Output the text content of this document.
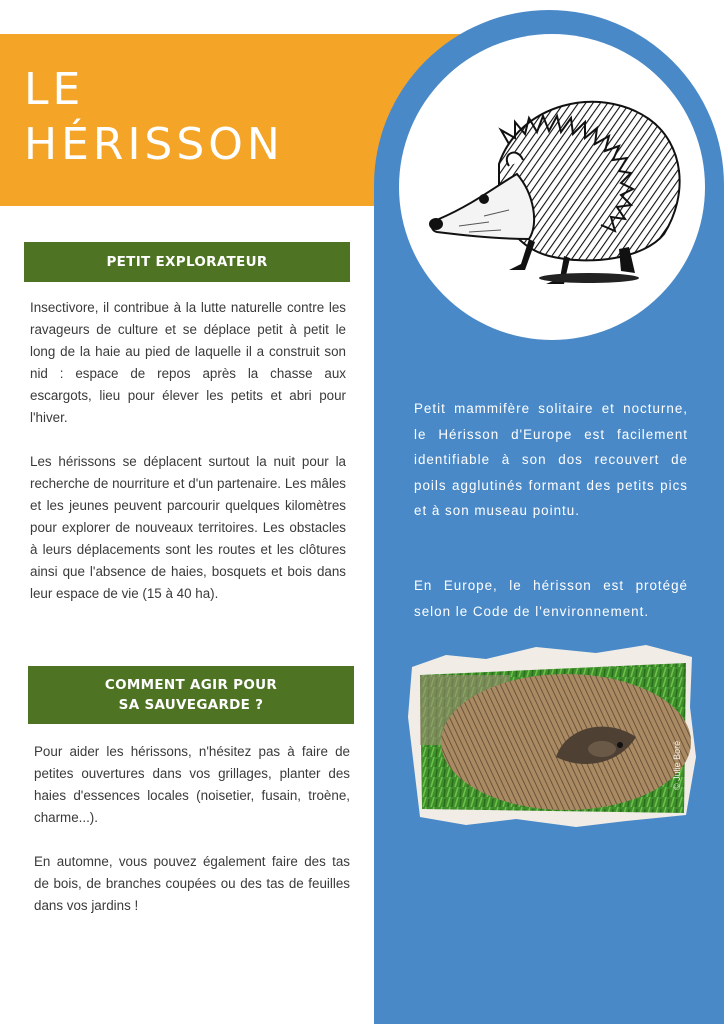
LE
HÉRISSON
PETIT EXPLORATEUR

Insectivore, il contribue à la lutte naturelle contre les ravageurs de culture et se déplace petit à petit le long de la haie au pied de laquelle il a construit son nid : espace de repos après la chasse aux escargots, lieu pour élever les petits et abri pour l'hiver.

Les hérissons se déplacent surtout la nuit pour la recherche de nourriture et d'un partenaire. Les mâles et les jeunes peuvent parcourir quelques kilomètres pour explorer de nouveaux territoires. Les obstacles à leurs déplacements sont les routes et les clôtures ainsi que l'absence de haies, bosquets et bois dans leur espace de vie (15 à 40 ha).

COMMENT AGIR POUR
SA SAUVEGARDE ?

Pour aider les hérissons, n'hésitez pas à faire de petites ouvertures dans vos grillages, planter des haies d'essences locales (noisetier, fusain, troène, charme...).

En automne, vous pouvez également faire des tas de bois, de branches coupées ou des tas de feuilles dans vos jardins !

Petit mammifère solitaire et nocturne, le Hérisson d'Europe est facilement identifiable à son dos recouvert de poils agglutinés formant des petits pics et à son museau pointu.

En Europe, le hérisson est protégé selon le Code de l'environnement.

© Julie Boré
